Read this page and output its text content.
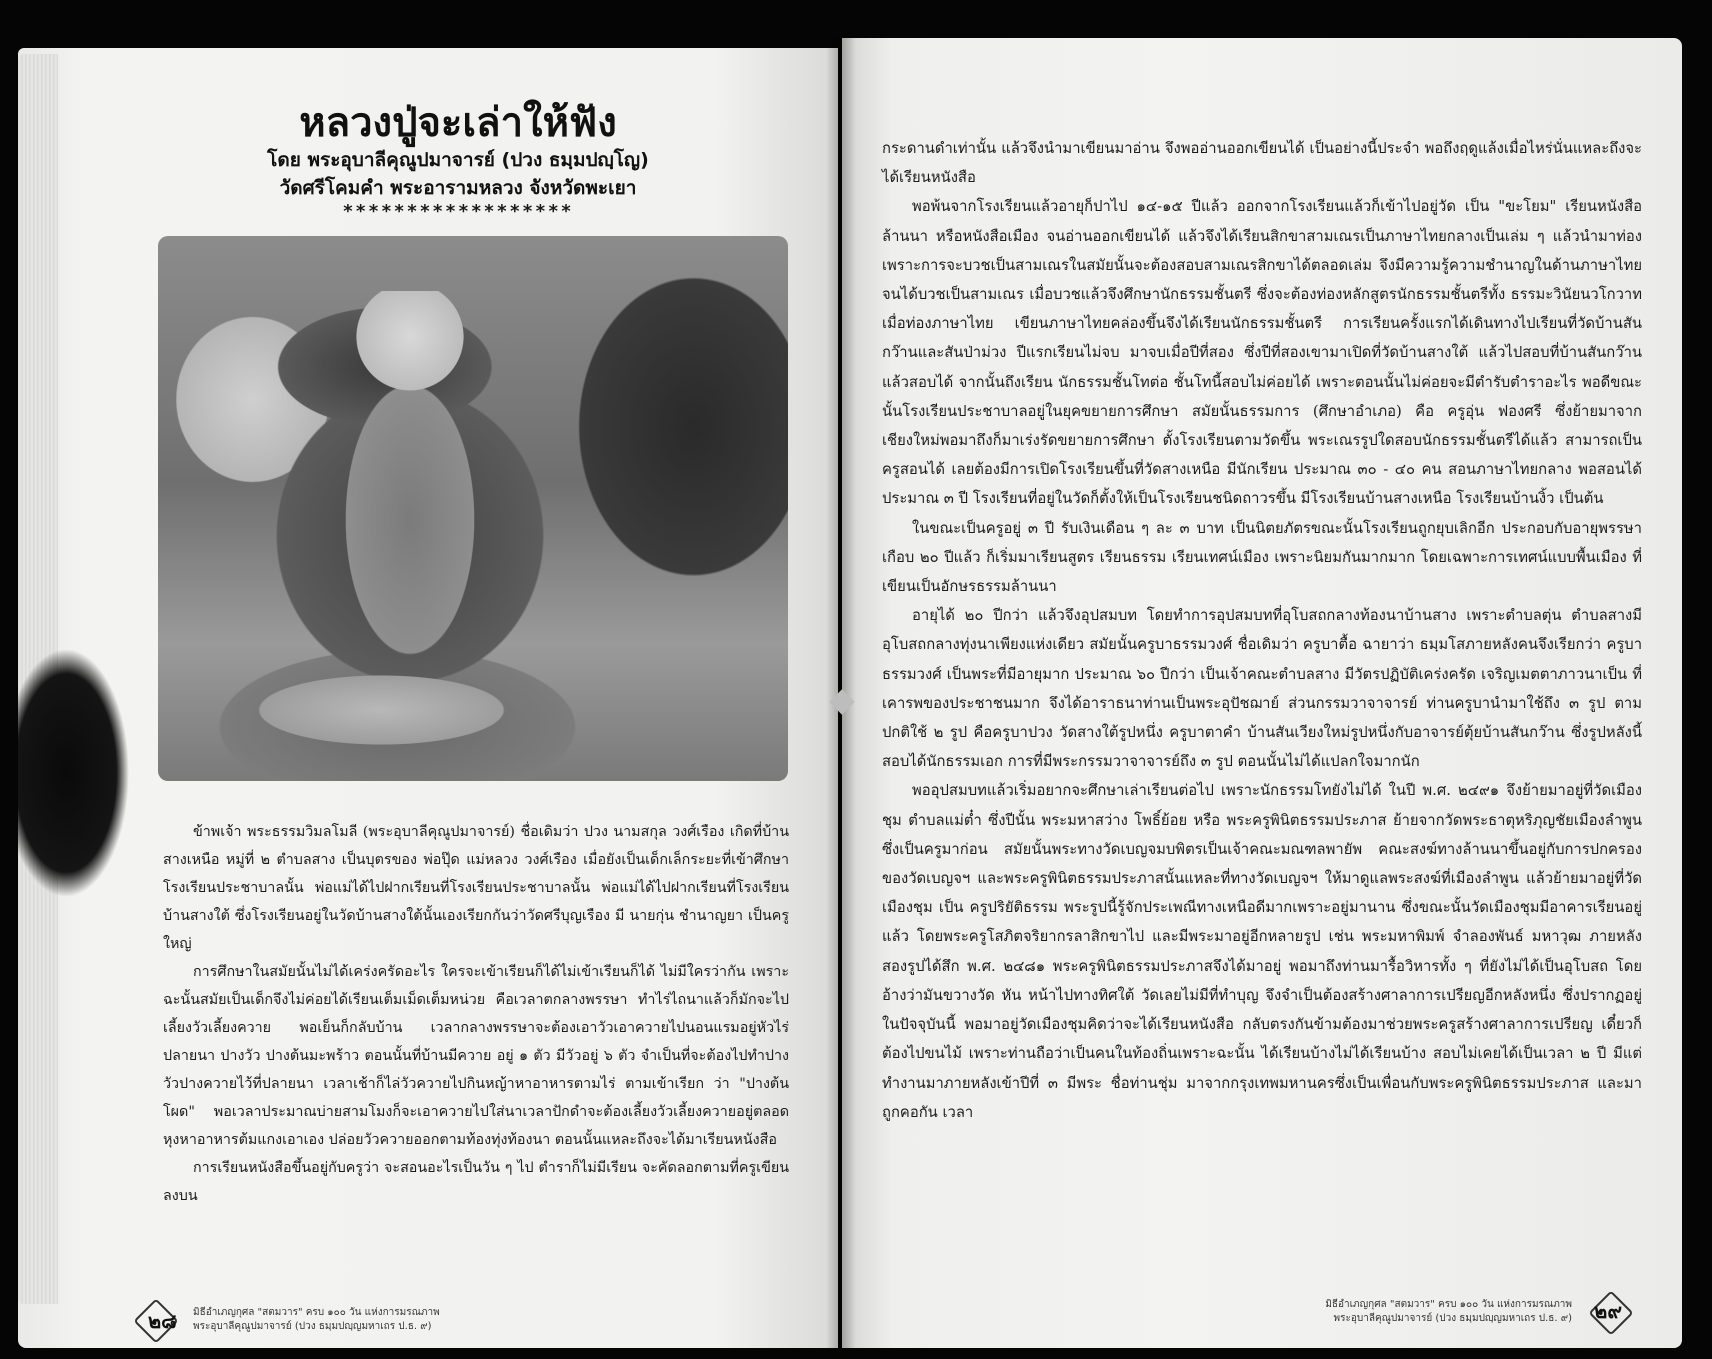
หลวงปู่จะเล่าให้ฟัง

โดย พระอุบาลีคุณูปมาจารย์ (ปวง ธมฺมปญฺโญ)

วัดศรีโคมคำ พระอารามหลวง จังหวัดพะเยา

******************

ข้าพเจ้า พระธรรมวิมลโมลี (พระอุบาลีคุณูปมาจารย์) ชื่อเดิมว่า ปวง นามสกุล วงศ์เรือง เกิดที่บ้านสางเหนือ หมู่ที่ ๒ ตำบลสาง เป็นบุตรของ พ่อปุ๊ด แม่หลวง วงศ์เรือง เมื่อยังเป็นเด็กเล็กระยะที่เข้าศึกษาโรงเรียนประชาบาลนั้น พ่อแม่ได้ไปฝากเรียนที่โรงเรียนประชาบาลนั้น พ่อแม่ได้ไปฝากเรียนที่โรงเรียนบ้านสางใต้ ซึ่งโรงเรียนอยู่ในวัดบ้านสางใต้นั้นเองเรียกกันว่าวัดศรีบุญเรือง มี นายกุ่น ชำนาญยา เป็นครูใหญ่

การศึกษาในสมัยนั้นไม่ได้เคร่งครัดอะไร ใครจะเข้าเรียนก็ได้ไม่เข้าเรียนก็ได้ ไม่มีใครว่ากัน เพราะฉะนั้นสมัยเป็นเด็กจึงไม่ค่อยได้เรียนเต็มเม็ดเต็มหน่วย คือเวลาตกลางพรรษา ทำไร่ไถนาแล้วก็มักจะไปเลี้ยงวัวเลี้ยงควาย พอเย็นก็กลับบ้าน เวลากลางพรรษาจะต้องเอาวัวเอาควายไปนอนแรมอยู่หัวไร่ปลายนา ปางวัว ปางต้นมะพร้าว ตอนนั้นที่บ้านมีควาย อยู่ ๑ ตัว มีวัวอยู่ ๖ ตัว จำเป็นที่จะต้องไปทำปางวัวปางควายไว้ที่ปลายนา เวลาเช้าก็ไล่วัวควายไปกินหญ้าหาอาหารตามไร่ ตามเข้าเรียก ว่า "ปางต้นโผด" พอเวลาประมาณบ่ายสามโมงก็จะเอาควายไปใส่นาเวลาปักดำจะต้องเลี้ยงวัวเลี้ยงควายอยู่ตลอด หุงหาอาหารต้มแกงเอาเอง ปล่อยวัวควายออกตามท้องทุ่งท้องนา ตอนนั้นแหละถึงจะได้มาเรียนหนังสือ

การเรียนหนังสือขึ้นอยู่กับครูว่า จะสอนอะไรเป็นวัน ๆ ไป ตำราก็ไม่มีเรียน จะคัดลอกตามที่ครูเขียนลงบน

๒๘ มิธีอำเภญกุศล "สตมวาร" ครบ ๑๐๐ วัน แห่งการมรณภาพ
พระอุบาลีคุณูปมาจารย์ (ปวง ธมฺมปญฺญมหาเถร ป.ธ. ๙)

กระดานดำเท่านั้น แล้วจึงนำมาเขียนมาอ่าน จึงพออ่านออกเขียนได้ เป็นอย่างนี้ประจำ พอถึงฤดูแล้งเมื่อไหร่นั่นแหละถึงจะได้เรียนหนังสือ

พอพ้นจากโรงเรียนแล้วอายุก็ปาไป ๑๔-๑๕ ปีแล้ว ออกจากโรงเรียนแล้วก็เข้าไปอยู่วัด เป็น "ขะโยม" เรียนหนังสือล้านนา หรือหนังสือเมือง จนอ่านออกเขียนได้ แล้วจึงได้เรียนสิกขาสามเณรเป็นภาษาไทยกลางเป็นเล่ม ๆ แล้วนำมาท่อง เพราะการจะบวชเป็นสามเณรในสมัยนั้นจะต้องสอบสามเณรสิกขาได้ตลอดเล่ม จึงมีความรู้ความชำนาญในด้านภาษาไทย จนได้บวชเป็นสามเณร เมื่อบวชแล้วจึงศึกษานักธรรมชั้นตรี ซึ่งจะต้องท่องหลักสูตรนักธรรมชั้นตรีทั้ง ธรรมะวินัยนวโกวาท เมื่อท่องภาษาไทย เขียนภาษาไทยคล่องขึ้นจึงได้เรียนนักธรรมชั้นตรี การเรียนครั้งแรกได้เดินทางไปเรียนที่วัดบ้านสันกว๊านและสันป่าม่วง ปีแรกเรียนไม่จบ มาจบเมื่อปีที่สอง ซึ่งปีที่สองเขามาเปิดที่วัดบ้านสางใต้ แล้วไปสอบที่บ้านสันกว๊านแล้วสอบได้ จากนั้นถึงเรียน นักธรรมชั้นโทต่อ ชั้นโทนี้สอบไม่ค่อยได้ เพราะตอนนั้นไม่ค่อยจะมีตำรับตำราอะไร พอดีขณะนั้นโรงเรียนประชาบาลอยู่ในยุคขยายการศึกษา สมัยนั้นธรรมการ (ศึกษาอำเภอ) คือ ครูอุ่น ฟองศรี ซึ่งย้ายมาจากเชียงใหม่พอมาถึงก็มาเร่งรัดขยายการศึกษา ตั้งโรงเรียนตามวัดขึ้น พระเณรรูปใดสอบนักธรรมชั้นตรีได้แล้ว สามารถเป็นครูสอนได้ เลยต้องมีการเปิดโรงเรียนขึ้นที่วัดสางเหนือ มีนักเรียน ประมาณ ๓๐ - ๔๐ คน สอนภาษาไทยกลาง พอสอนได้ประมาณ ๓ ปี โรงเรียนที่อยู่ในวัดก็ตั้งให้เป็นโรงเรียนชนิดถาวรขึ้น มีโรงเรียนบ้านสางเหนือ โรงเรียนบ้านงิ้ว เป็นต้น

ในขณะเป็นครูอยู่ ๓ ปี รับเงินเดือน ๆ ละ ๓ บาท เป็นนิตยภัตรขณะนั้นโรงเรียนถูกยุบเลิกอีก ประกอบกับอายุพรรษา เกือบ ๒๐ ปีแล้ว ก็เริ่มมาเรียนสูตร เรียนธรรม เรียนเทศน์เมือง เพราะนิยมกันมากมาก โดยเฉพาะการเทศน์แบบพื้นเมือง ที่เขียนเป็นอักษรธรรมล้านนา

อายุได้ ๒๐ ปีกว่า แล้วจึงอุปสมบท โดยทำการอุปสมบทที่อุโบสถกลางท้องนาบ้านสาง เพราะตำบลตุ่น ตำบลสางมี อุโบสถกลางทุ่งนาเพียงแห่งเดียว สมัยนั้นครูบาธรรมวงศ์ ชื่อเดิมว่า ครูบาตื้อ ฉายาว่า ธมฺมโสภายหลังคนจึงเรียกว่า ครูบาธรรมวงศ์ เป็นพระที่มีอายุมาก ประมาณ ๖๐ ปีกว่า เป็นเจ้าคณะตำบลสาง มีวัตรปฏิบัติเคร่งครัด เจริญเมตตาภาวนาเป็น ที่เคารพของประชาชนมาก จึงได้อาราธนาท่านเป็นพระอุปัชฌาย์ ส่วนกรรมวาจาจารย์ ท่านครูบานำมาใช้ถึง ๓ รูป ตามปกติใช้ ๒ รูป คือครูบาปวง วัดสางใต้รูปหนึ่ง ครูบาตาคำ บ้านสันเวียงใหม่รูปหนึ่งกับอาจารย์ตุ้ยบ้านสันกว๊าน ซึ่งรูปหลังนี้สอบได้นักธรรมเอก การที่มีพระกรรมวาจาจารย์ถึง ๓ รูป ตอนนั้นไม่ได้แปลกใจมากนัก

พออุปสมบทแล้วเริ่มอยากจะศึกษาเล่าเรียนต่อไป เพราะนักธรรมโทยังไม่ได้ ในปี พ.ศ. ๒๔๙๑ จึงย้ายมาอยู่ที่วัดเมืองชุม ตำบลแม่ต๋ำ ซึ่งปีนั้น พระมหาสว่าง โพธิ์ย้อย หรือ พระครูพินิตธรรมประภาส ย้ายจากวัดพระธาตุหริภุญชัยเมืองลำพูนซึ่งเป็นครูมาก่อน สมัยนั้นพระทางวัดเบญจมบพิตรเป็นเจ้าคณะมณฑลพายัพ คณะสงฆ์ทางล้านนาขึ้นอยู่กับการปกครองของวัดเบญจฯ และพระครูพินิตธรรมประภาสนั้นแหละที่ทางวัดเบญจฯ ให้มาดูแลพระสงฆ์ที่เมืองลำพูน แล้วย้ายมาอยู่ที่วัดเมืองชุม เป็น ครูปริยัติธรรม พระรูปนี้รู้จักประเพณีทางเหนือดีมากเพราะอยู่มานาน ซึ่งขณะนั้นวัดเมืองชุมมีอาคารเรียนอยู่แล้ว โดยพระครูโสภิตจริยากรลาสิกขาไป และมีพระมาอยู่อีกหลายรูป เช่น พระมหาพิมพ์ จำลองพันธ์ มหาวุฒ ภายหลังสองรูปได้สึก พ.ศ. ๒๔๘๑ พระครูพินิตธรรมประภาสจึงได้มาอยู่ พอมาถึงท่านมารื้อวิหารทั้ง ๆ ที่ยังไม่ได้เป็นอุโบสถ โดยอ้างว่ามันขวางวัด หัน หน้าไปทางทิศใต้ วัดเลยไม่มีที่ทำบุญ จึงจำเป็นต้องสร้างศาลาการเปรียญอีกหลังหนึ่ง ซึ่งปรากฏอยู่ในปัจจุบันนี้ พอมาอยู่วัดเมืองชุมคิดว่าจะได้เรียนหนังสือ กลับตรงกันข้ามต้องมาช่วยพระครูสร้างศาลาการเปรียญ เดี๋ยวก็ต้องไปขนไม้ เพราะท่านถือว่าเป็นคนในท้องถิ่นเพราะฉะนั้น ได้เรียนบ้างไม่ได้เรียนบ้าง สอบไม่เคยได้เป็นเวลา ๒ ปี มีแต่ทำงานมาภายหลังเข้าปีที่ ๓ มีพระ ชื่อท่านชุ่ม มาจากกรุงเทพมหานครซึ่งเป็นเพื่อนกับพระครูพินิตธรรมประภาส และมาถูกคอกัน เวลา

มิธีอำเภญกุศล "สตมวาร" ครบ ๑๐๐ วัน แห่งการมรณภาพ
พระอุบาลีคุณูปมาจารย์ (ปวง ธมฺมปญฺญมหาเถร ป.ธ. ๙) ๒๙
